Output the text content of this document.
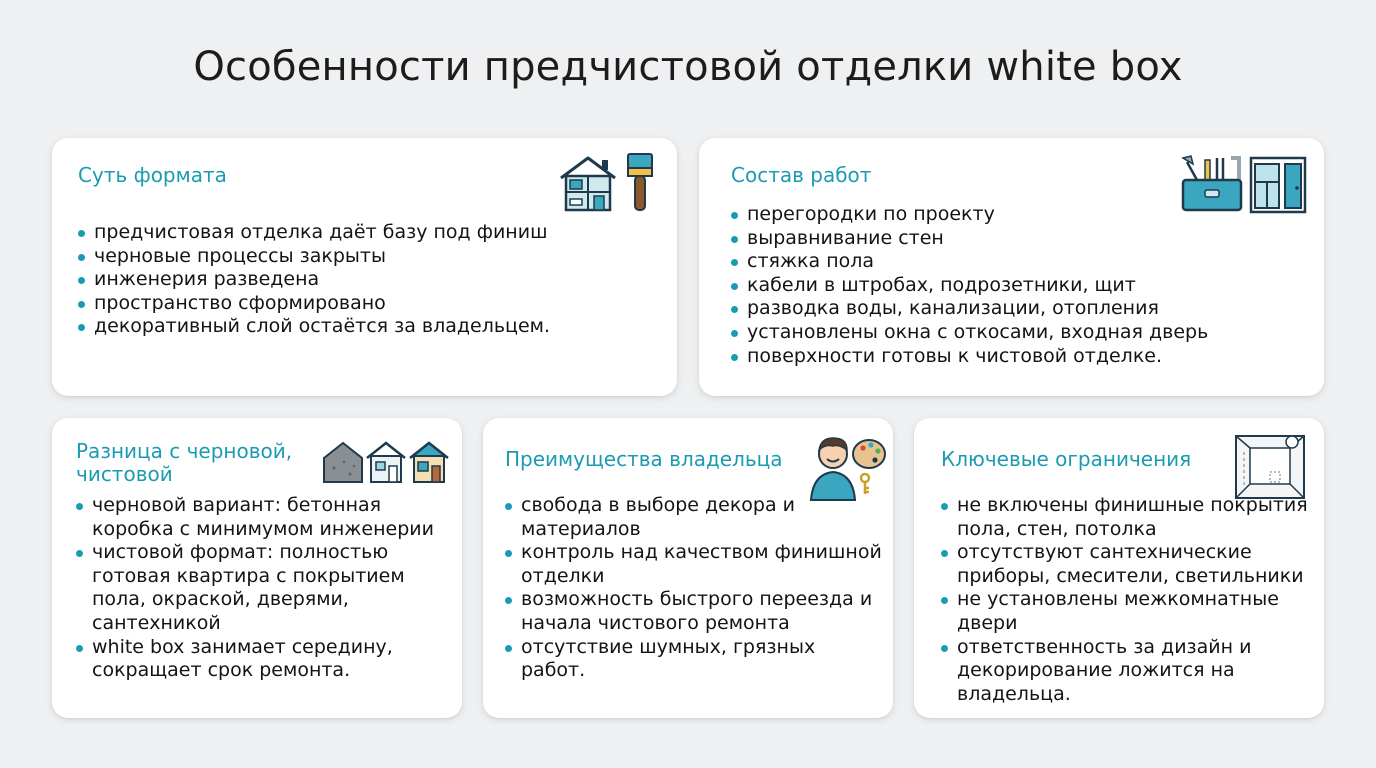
Особенности предчистовой отделки white box
Суть формата
предчистовая отделка даёт базу под финиш
черновые процессы закрыты
инженерия разведена
пространство сформировано
декоративный слой остаётся за владельцем.
Состав работ
перегородки по проекту
выравнивание стен
стяжка пола
кабели в штробах, подрозетники, щит
разводка воды, канализации, отопления
установлены окна с откосами, входная дверь
поверхности готовы к чистовой отделке.
Разница с черновой, чистовой
черновой вариант: бетонная коробка с минимумом инженерии
чистовой формат: полностью готовая квартира с покрытием пола, окраской, дверями, сантехникой
white box занимает середину, сокращает срок ремонта.
Преимущества владельца
свобода в выборе декора и материалов
контроль над качеством финишной отделки
возможность быстрого переезда и начала чистового ремонта
отсутствие шумных, грязных работ.
Ключевые ограничения
не включены финишные покрытия пола, стен, потолка
отсутствуют сантехнические приборы, смесители, светильники
не установлены межкомнатные двери
ответственность за дизайн и декорирование ложится на владельца.
